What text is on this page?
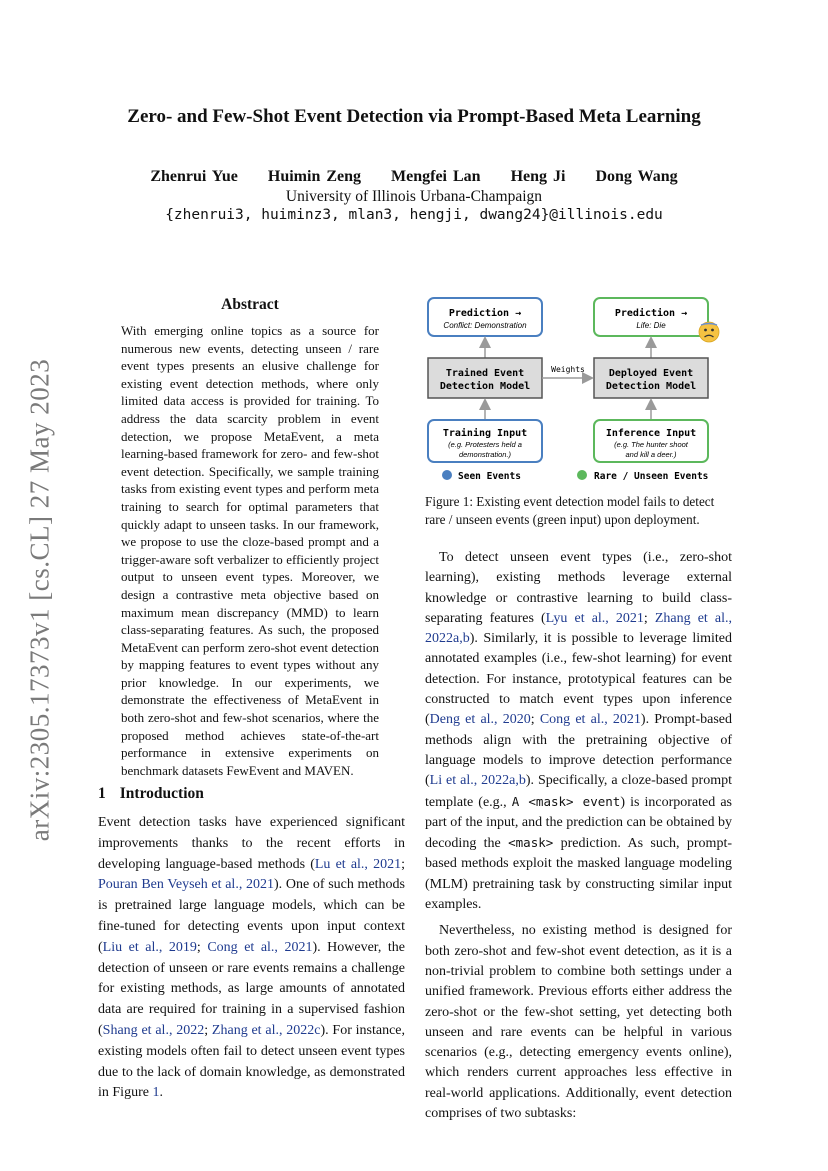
arXiv:2305.17373v1 [cs.CL] 27 May 2023
Zero- and Few-Shot Event Detection via Prompt-Based Meta Learning
Zhenrui Yue Huimin Zeng Mengfei Lan Heng Ji Dong Wang
University of Illinois Urbana-Champaign
{zhenrui3, huiminz3, mlan3, hengji, dwang24}@illinois.edu
Abstract
With emerging online topics as a source for numerous new events, detecting unseen / rare event types presents an elusive challenge for existing event detection methods, where only limited data access is provided for training. To address the data scarcity problem in event detection, we propose MetaEvent, a meta learning-based framework for zero- and few-shot event detection. Specifically, we sample training tasks from existing event types and perform meta training to search for optimal parameters that quickly adapt to unseen tasks. In our framework, we propose to use the cloze-based prompt and a trigger-aware soft verbalizer to efficiently project output to unseen event types. Moreover, we design a contrastive meta objective based on maximum mean discrepancy (MMD) to learn class-separating features. As such, the proposed MetaEvent can perform zero-shot event detection by mapping features to event types without any prior knowledge. In our experiments, we demonstrate the effectiveness of MetaEvent in both zero-shot and few-shot scenarios, where the proposed method achieves state-of-the-art performance in extensive experiments on benchmark datasets FewEvent and MAVEN.
1 Introduction

Event detection tasks have experienced significant improvements thanks to the recent efforts in developing language-based methods (Lu et al., 2021; Pouran Ben Veyseh et al., 2021). One of such methods is pretrained large language models, which can be fine-tuned for detecting events upon input context (Liu et al., 2019; Cong et al., 2021). However, the detection of unseen or rare events remains a challenge for existing methods, as large amounts of annotated data are required for training in a supervised fashion (Shang et al., 2022; Zhang et al., 2022c). For instance, existing models often fail to detect unseen event types due to the lack of domain knowledge, as demonstrated in Figure 1.

Prediction →
Conflict: Demonstration
Prediction →
Life: Die
Trained Event
Detection Model
Deployed Event
Detection Model
Weights
Training Input
(e.g. Protesters held a
demonstration.)
Inference Input
(e.g. The hunter shoot
and kill a deer.)
Seen Events	Rare / Unseen Events
Figure 1: Existing event detection model fails to detect rare / unseen events (green input) upon deployment.

To detect unseen event types (i.e., zero-shot learning), existing methods leverage external knowledge or contrastive learning to build class-separating features (Lyu et al., 2021; Zhang et al., 2022a,b). Similarly, it is possible to leverage limited annotated examples (i.e., few-shot learning) for event detection. For instance, prototypical features can be constructed to match event types upon inference (Deng et al., 2020; Cong et al., 2021). Prompt-based methods align with the pretraining objective of language models to improve detection performance (Li et al., 2022a,b). Specifically, a cloze-based prompt template (e.g., A <mask> event) is incorporated as part of the input, and the prediction can be obtained by decoding the <mask> prediction. As such, prompt-based methods exploit the masked language modeling (MLM) pretraining task by constructing similar input examples.

Nevertheless, no existing method is designed for both zero-shot and few-shot event detection, as it is a non-trivial problem to combine both settings under a unified framework. Previous efforts either address the zero-shot or the few-shot setting, yet detecting both unseen and rare events can be helpful in various scenarios (e.g., detecting emergency events online), which renders current approaches less effective in real-world applications. Additionally, event detection comprises of two subtasks:
